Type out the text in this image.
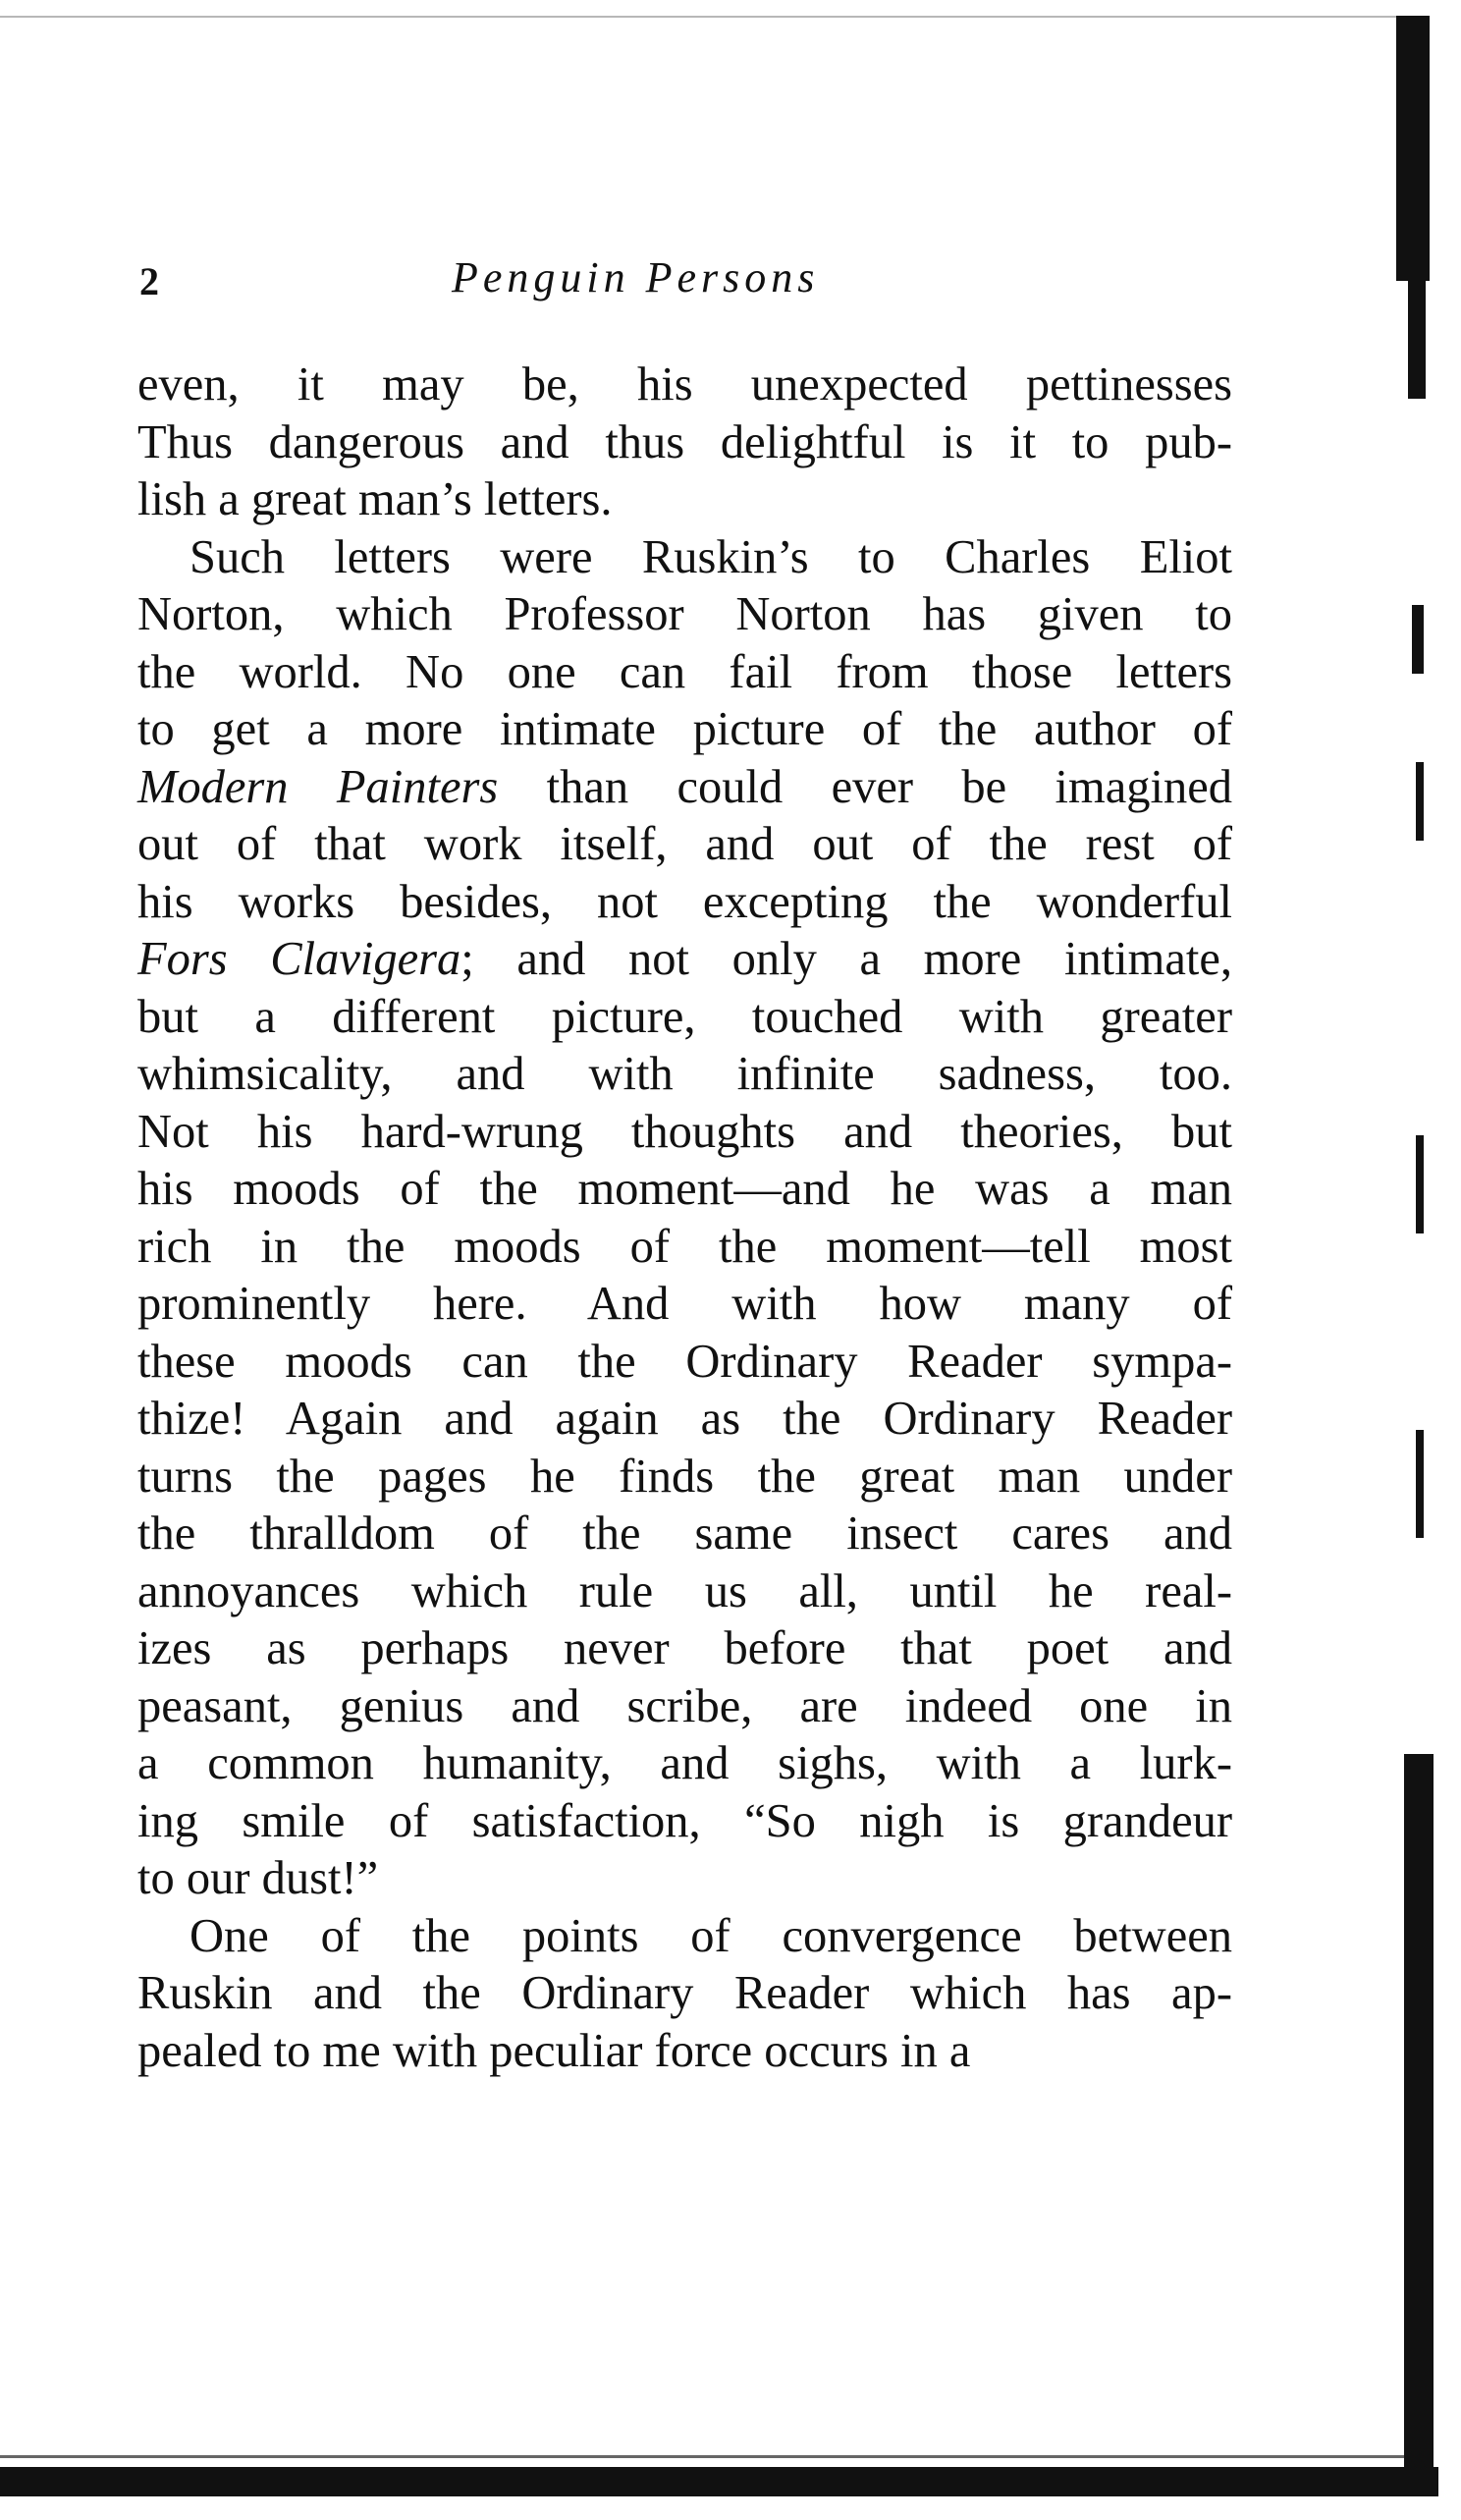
2	Penguin Persons
even, it may be, his unexpected pettinesses
Thus dangerous and thus delightful is it to pub-
lish a great man’s letters.
Such letters were Ruskin’s to Charles Eliot
Norton, which Professor Norton has given to
the world. No one can fail from those letters
to get a more intimate picture of the author of
Modern Painters than could ever be imagined
out of that work itself, and out of the rest of
his works besides, not excepting the wonderful
Fors Clavigera; and not only a more intimate,
but a different picture, touched with greater
whimsicality, and with infinite sadness, too.
Not his hard-wrung thoughts and theories, but
his moods of the moment—and he was a man
rich in the moods of the moment—tell most
prominently here. And with how many of
these moods can the Ordinary Reader sympa-
thize! Again and again as the Ordinary Reader
turns the pages he finds the great man under
the thralldom of the same insect cares and
annoyances which rule us all, until he real-
izes as perhaps never before that poet and
peasant, genius and scribe, are indeed one in
a common humanity, and sighs, with a lurk-
ing smile of satisfaction, “So nigh is grandeur
to our dust!”
One of the points of convergence between
Ruskin and the Ordinary Reader which has ap-
pealed to me with peculiar force occurs in a
